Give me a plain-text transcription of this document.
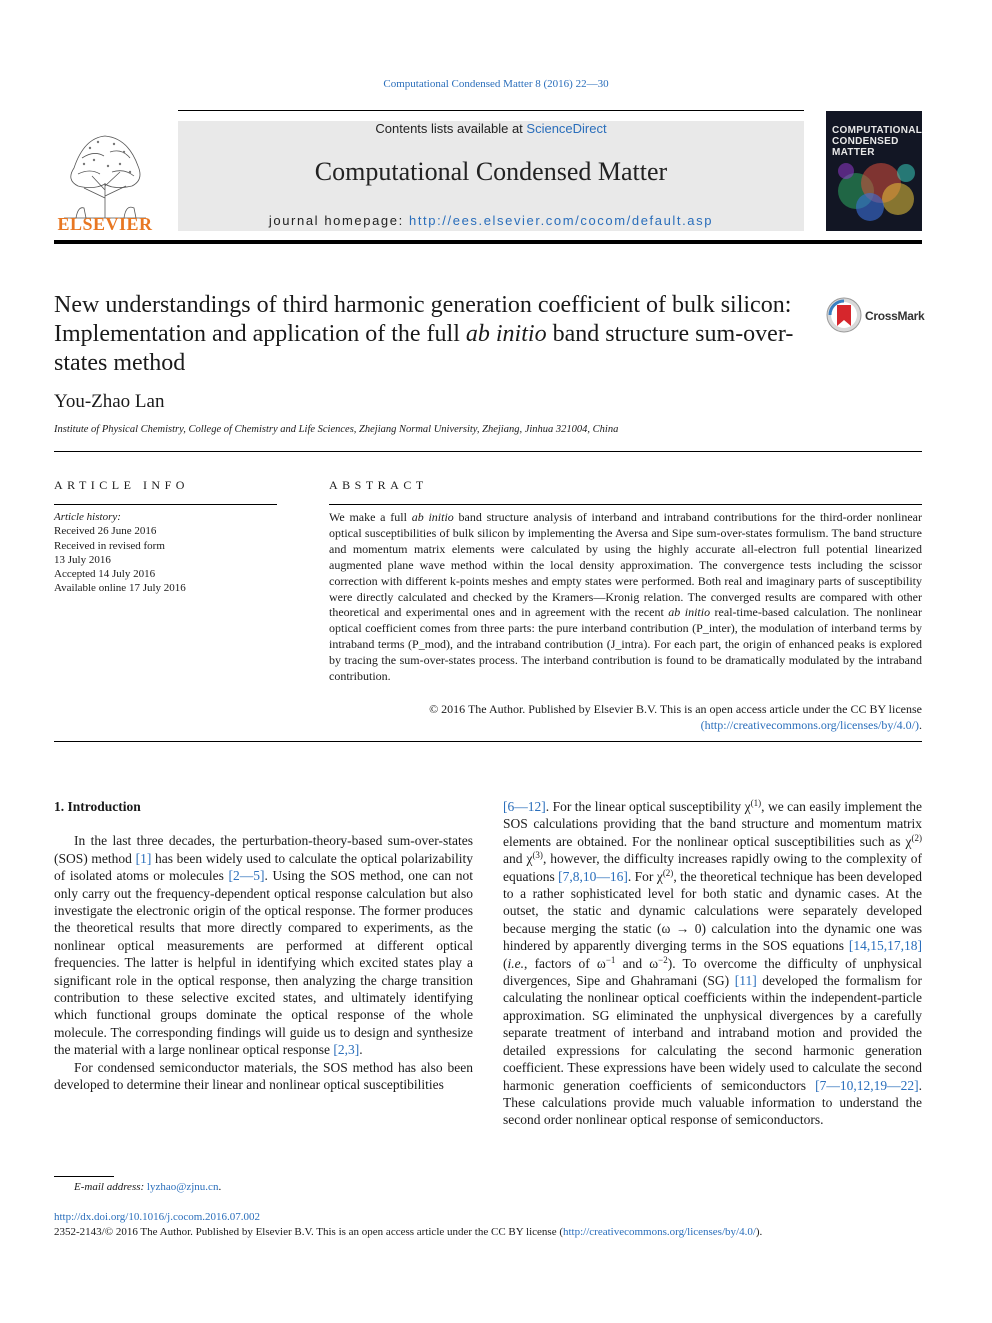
Computational Condensed Matter 8 (2016) 22—30
ELSEVIER
Contents lists available at ScienceDirect
Computational Condensed Matter
journal homepage: http://ees.elsevier.com/cocom/default.asp
COMPUTATIONAL
CONDENSED MATTER
New understandings of third harmonic generation coefficient of bulk silicon: Implementation and application of the full ab initio band structure sum-over-states method
CrossMark
You-Zhao Lan
Institute of Physical Chemistry, College of Chemistry and Life Sciences, Zhejiang Normal University, Zhejiang, Jinhua 321004, China
ARTICLE INFO
Article history:
Received 26 June 2016
Received in revised form
13 July 2016
Accepted 14 July 2016
Available online 17 July 2016
ABSTRACT
We make a full ab initio band structure analysis of interband and intraband contributions for the third-order nonlinear optical susceptibilities of bulk silicon by implementing the Aversa and Sipe sum-over-states formulism. The band structure and momentum matrix elements were calculated by using the highly accurate all-electron full potential linearized augmented plane wave method within the local density approximation. The convergence tests including the scissor correction with different k-points meshes and empty states were performed. Both real and imaginary parts of susceptibility were directly calculated and checked by the Kramers—Kronig relation. The converged results are compared with other theoretical and experimental ones and in agreement with the recent ab initio real-time-based calculation. The nonlinear optical coefficient comes from three parts: the pure interband contribution (P_inter), the modulation of interband terms by intraband terms (P_mod), and the intraband contribution (J_intra). For each part, the origin of enhanced peaks is explored by tracing the sum-over-states process. The interband contribution is found to be dramatically modulated by the intraband contribution.
© 2016 The Author. Published by Elsevier B.V. This is an open access article under the CC BY license
(http://creativecommons.org/licenses/by/4.0/).
1. Introduction

In the last three decades, the perturbation-theory-based sum-over-states (SOS) method [1] has been widely used to calculate the optical polarizability of isolated atoms or molecules [2—5]. Using the SOS method, one can not only carry out the frequency-dependent optical response calculation but also investigate the electronic origin of the optical response. The former produces the theoretical results that more directly compared to experiments, as the nonlinear optical measurements are performed at different optical frequencies. The latter is helpful in identifying which excited states play a significant role in the optical response, then analyzing the charge transition contribution to these selective excited states, and ultimately identifying which functional groups dominate the optical response of the whole molecule. The corresponding findings will guide us to design and synthesize the material with a large nonlinear optical response [2,3].

For condensed semiconductor materials, the SOS method has also been developed to determine their linear and nonlinear optical susceptibilities

[6—12]. For the linear optical susceptibility $\chi^{(1)}$, we can easily implement the SOS calculations providing that the band structure and momentum matrix elements are obtained. For the nonlinear optical susceptibilities such as $\chi^{(2)}$ and $\chi^{(3)}$, however, the difficulty increases rapidly owing to the complexity of equations [7,8,10—16]. For $\chi^{(2)}$, the theoretical technique has been developed to a rather sophisticated level for both static and dynamic cases. At the outset, the static and dynamic calculations were separately developed because merging the static (ω → 0) calculation into the dynamic one was hindered by apparently diverging terms in the SOS equations [14,15,17,18] (i.e., factors of $\omega^{-1}$ and $\omega^{-2}$). To overcome the difficulty of unphysical divergences, Sipe and Ghahramani (SG) [11] developed the formalism for calculating the nonlinear optical coefficients within the independent-particle approximation. SG eliminated the unphysical divergences by a carefully separate treatment of interband and intraband motion and provided the detailed expressions for calculating the second harmonic generation coefficient. These expressions have been widely used to calculate the second harmonic generation coefficients of semiconductors [7—10,12,19—22]. These calculations provide much valuable information to understand the second order nonlinear optical response of semiconductors.

E-mail address: lyzhao@zjnu.cn.
http://dx.doi.org/10.1016/j.cocom.2016.07.002
2352-2143/© 2016 The Author. Published by Elsevier B.V. This is an open access article under the CC BY license (http://creativecommons.org/licenses/by/4.0/).
